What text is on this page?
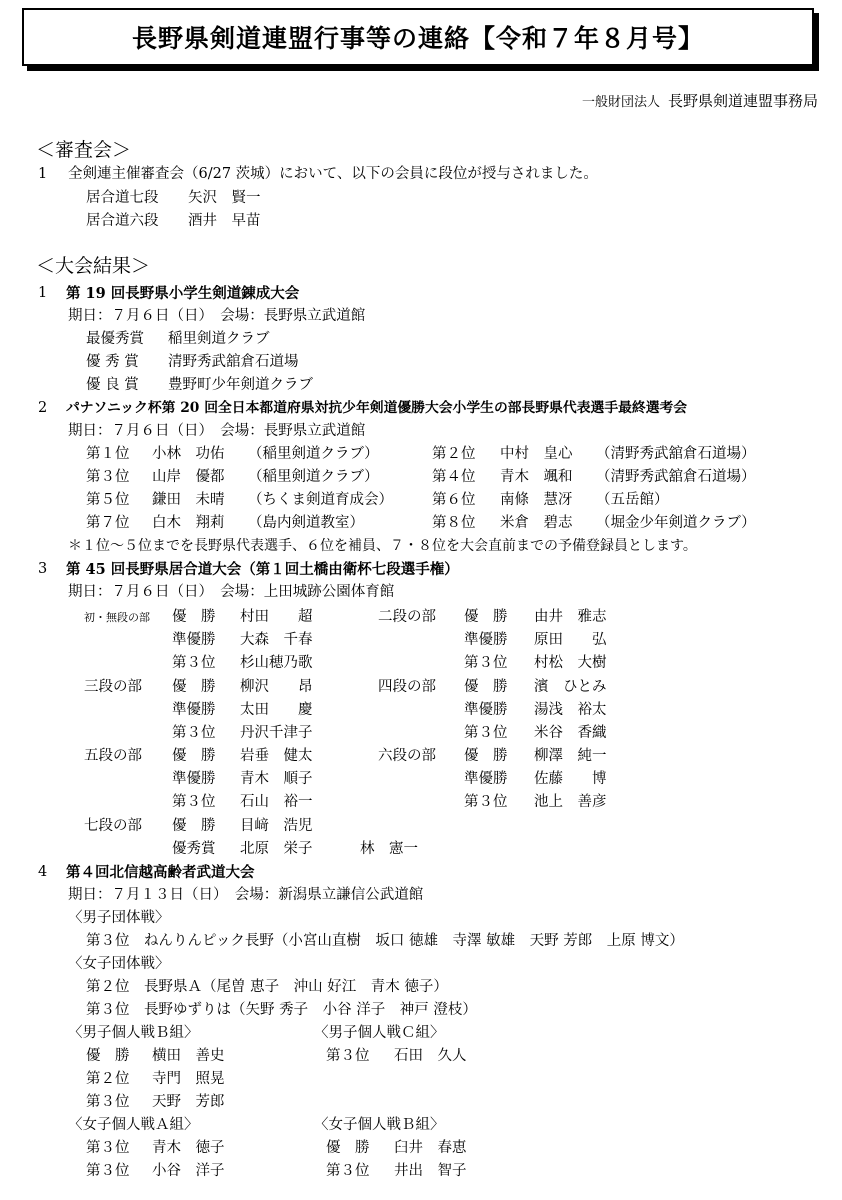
長野県剣道連盟行事等の連絡【令和７年８月号】
一般財団法人 長野県剣道連盟事務局
＜審査会＞
1 全剣連主催審査会（6/27 茨城）において、以下の会員に段位が授与されました。
居合道七段 矢沢　賢一
居合道六段 酒井　早苗
＜大会結果＞
1 第 19 回長野県小学生剣道錬成大会
期日：７月６日（日）　会場：長野県立武道館
最優秀賞 稲里剣道クラブ
優 秀 賞 清野秀武舘倉石道場
優 良 賞 豊野町少年剣道クラブ
2 パナソニック杯第 20 回全日本都道府県対抗少年剣道優勝大会小学生の部長野県代表選手最終選考会
期日：７月６日（日）　会場：長野県立武道館
第１位 小林　功佑 （稲里剣道クラブ）	第２位 中村　皇心 （清野秀武舘倉石道場）
第３位 山岸　優都 （稲里剣道クラブ）	第４位 青木　颯和 （清野秀武舘倉石道場）
第５位 鎌田　未晴 （ちくま剣道育成会）	第６位 南條　慧冴 （五岳館）
第７位 白木　翔莉 （島内剣道教室）	第８位 米倉　碧志 （堀金少年剣道クラブ）
＊１位～５位までを長野県代表選手、６位を補員、７・８位を大会直前までの予備登録員とします。
3 第 45 回長野県居合道大会（第１回土橋由衛杯七段選手権）
期日：７月６日（日）　会場：上田城跡公園体育館
初・無段の部 優　勝 村田　　超	二段の部 優　勝 由井　雅志
準優勝 大森　千春	準優勝 原田　　弘
第３位 杉山穂乃歌	第３位 村松　大樹
三段の部 優　勝 柳沢　　昂	四段の部 優　勝 濱　ひとみ
準優勝 太田　　慶	準優勝 湯浅　裕太
第３位 丹沢千津子	第３位 米谷　香織
五段の部 優　勝 岩垂　健太	六段の部 優　勝 柳澤　純一
準優勝 青木　順子	準優勝 佐藤　　博
第３位 石山　裕一	第３位 池上　善彦
七段の部 優　勝 目﨑　浩児
優秀賞 北原　栄子	林　憲一
4 第４回北信越高齢者武道大会
期日：７月１３日（日）　会場：新潟県立謙信公武道館
〈男子団体戦〉
第３位　ねんりんピック長野（小宮山直樹　坂口 徳雄　寺澤 敏雄　天野 芳郎　上原 博文）
〈女子団体戦〉
第２位　長野県Ａ（尾曽 恵子　沖山 好江　青木 徳子）
第３位　長野ゆずりは（矢野 秀子　小谷 洋子　神戸 澄枝）
〈男子個人戦Ｂ組〉	〈男子個人戦Ｃ組〉
優　勝 横田　善史	第３位 石田　久人
第２位 寺門　照晃
第３位 天野　芳郎
〈女子個人戦Ａ組〉	〈女子個人戦Ｂ組〉
第３位 青木　徳子	優　勝 臼井　春恵
第３位 小谷　洋子	第３位 井出　智子
